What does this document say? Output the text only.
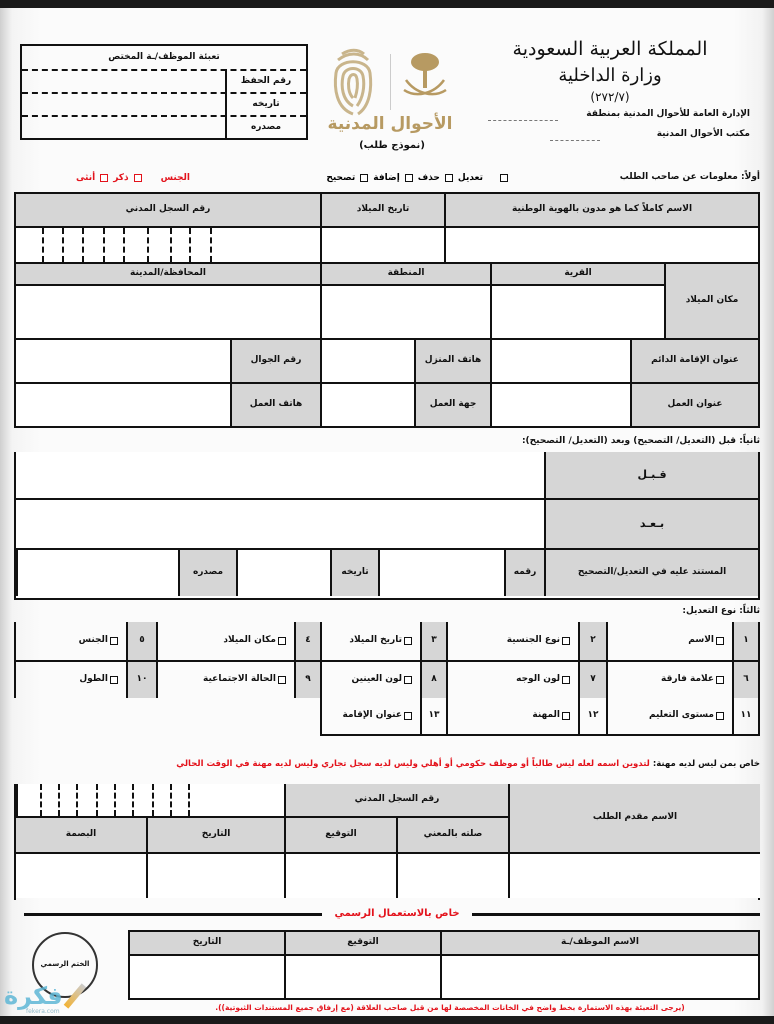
تعبئة الموظف/ـة المختص
رقم الحفظ
تاريخه
مصدره	الأحوال المدنية
(نموذج طلب)
المملكة العربية السعودية
وزارة الداخلية
(٢٧٢/٧)
الإدارة العامة للأحوال المدنية بمنطقة
مكتب الأحوال المدنية
أولاً: معلومات عن صاحب الطلب
تعديل
حذف
إضافة
تصحيح
الجنس
ذكر
أنثى
الاسم كاملاً كما هو مدون بالهوية الوطنية
تاريخ الميلاد
رقم السجل المدني
مكان الميلاد
القرية
المنطقة
المحافظة/المدينة
عنوان الإقامة الدائم
هاتف المنزل
رقم الجوال
عنوان العمل
جهة العمل
هاتف العمل
ثانياً: قبل (التعديل/ التصحيح) وبعد (التعديل/ التصحيح):
قـبـل
بـعـد
المستند عليه في التعديل/التصحيح
رقمه
تاريخه
مصدره
ثالثاً: نوع التعديل:
١
الاسم
٢
نوع الجنسية
٣
تاريخ الميلاد
٤
مكان الميلاد
٥
الجنس
٦
علامة فارقة
٧
لون الوجه
٨
لون العينين
٩
الحالة الاجتماعية
١٠
الطول
١١
مستوى التعليم
١٢
المهنة
١٣
عنوان الإقامة
خاص بمن ليس لديه مهنة: لتدوين اسمه لعله ليس طالباً أو موظف حكومي أو أهلي وليس لديه سجل تجاري وليس لديه مهنة في الوقت الحالي
الاسم مقدم الطلب
رقم السجل المدني
صلته بالمعني
التوقيع
التاريخ
البصمة
خاص بالاستعمال الرسمي
الختم الرسمي
الاسم الموظف/ـة
التوقيع
التاريخ
(يرجى التعبئة بهذه الاستمارة بخط واضح في الخانات المخصصة لها من قبل صاحب العلاقة (مع إرفاق جميع المستندات الثبوتية)).
فكرة
fekera.com
